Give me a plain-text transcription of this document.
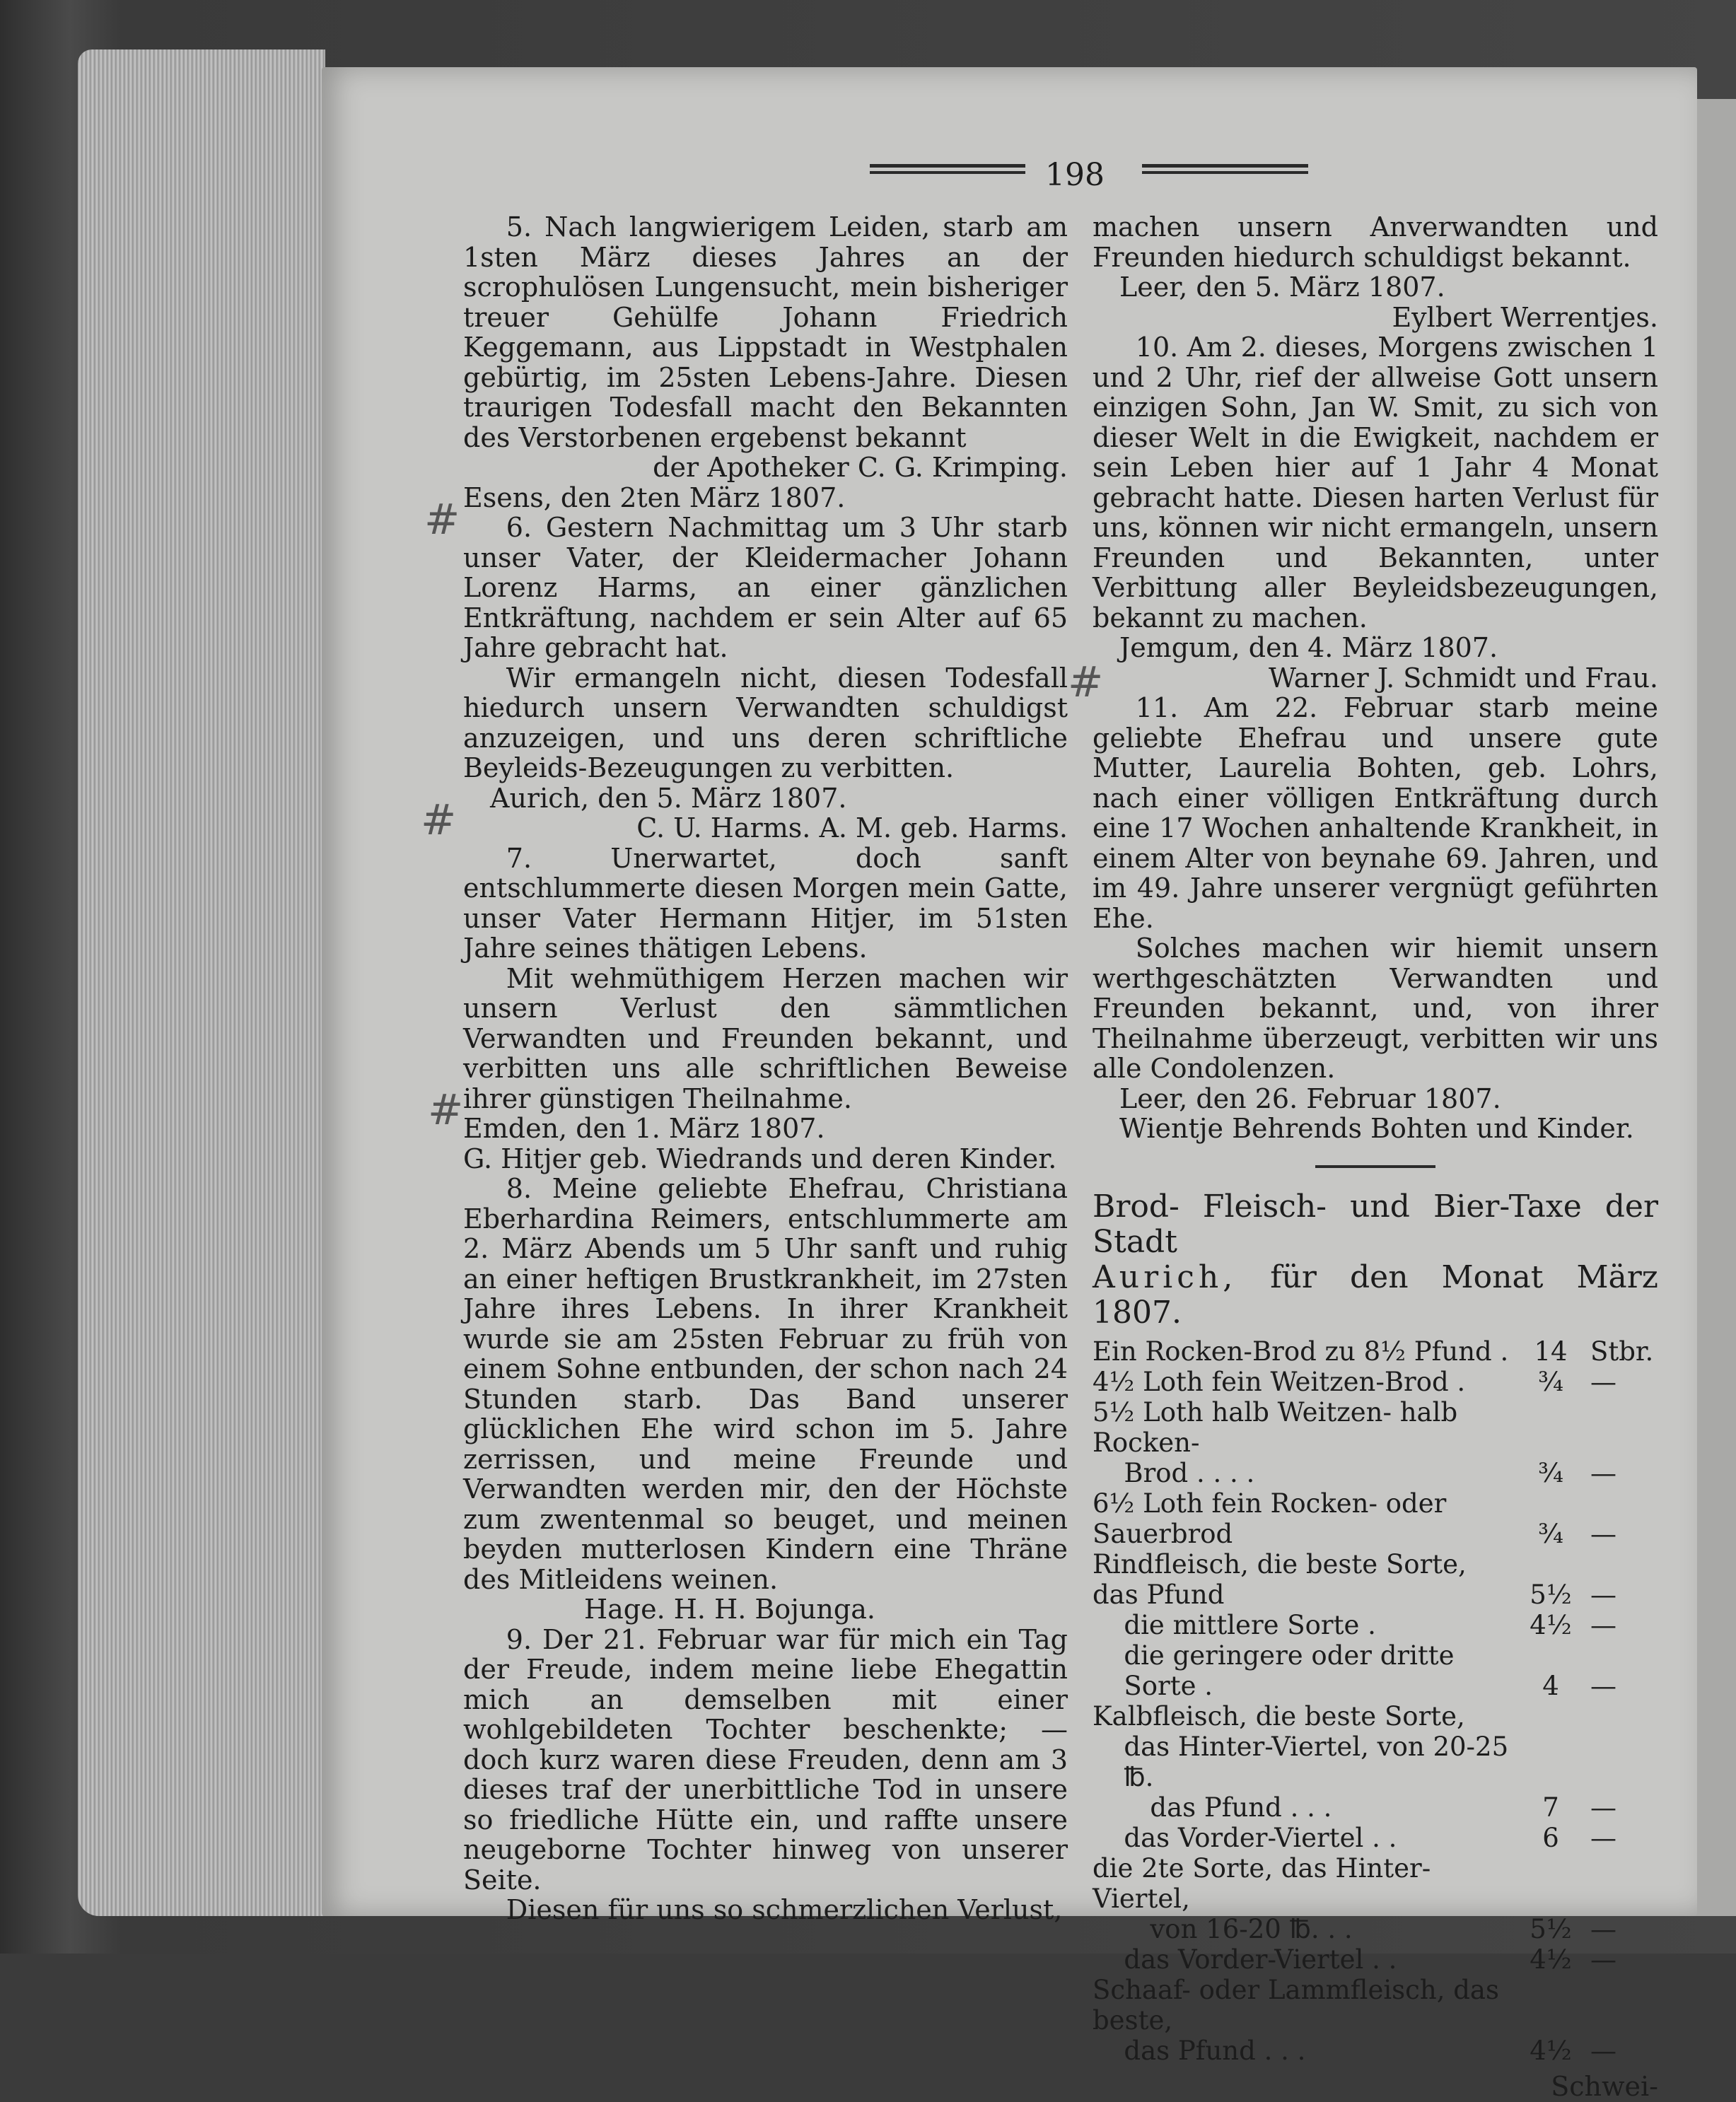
198
#
#
#
#

5. Nach langwierigem Leiden, starb am 1sten März dieses Jahres an der scrophulösen Lungensucht, mein bisheriger treuer Gehülfe Johann Friedrich Keggemann, aus Lippstadt in Westphalen gebürtig, im 25sten Lebens-Jahre. Diesen traurigen Todesfall macht den Bekannten des Verstorbenen ergebenst bekannt

der Apotheker C. G. Krimping.

Esens, den 2ten März 1807.

6. Gestern Nachmittag um 3 Uhr starb unser Vater, der Kleidermacher Johann Lorenz Harms, an einer gänzlichen Entkräftung, nachdem er sein Alter auf 65 Jahre gebracht hat.

Wir ermangeln nicht, diesen Todesfall hiedurch unsern Verwandten schuldigst anzuzeigen, und uns deren schriftliche Beyleids-Bezeugungen zu verbitten.

Aurich, den 5. März 1807.

C. U. Harms. A. M. geb. Harms.

7. Unerwartet, doch sanft entschlummerte diesen Morgen mein Gatte, unser Vater Hermann Hitjer, im 51sten Jahre seines thätigen Lebens.

Mit wehmüthigem Herzen machen wir unsern Verlust den sämmtlichen Verwandten und Freunden bekannt, und verbitten uns alle schriftlichen Beweise ihrer günstigen Theilnahme.

Emden, den 1. März 1807.

G. Hitjer geb. Wiedrands und deren Kinder.

8. Meine geliebte Ehefrau, Christiana Eberhardina Reimers, entschlummerte am 2. März Abends um 5 Uhr sanft und ruhig an einer heftigen Brustkrankheit, im 27sten Jahre ihres Lebens. In ihrer Krankheit wurde sie am 25sten Februar zu früh von einem Sohne entbunden, der schon nach 24 Stunden starb. Das Band unserer glücklichen Ehe wird schon im 5. Jahre zerrissen, und meine Freunde und Verwandten werden mir, den der Höchste zum zwentenmal so beuget, und meinen beyden mutterlosen Kindern eine Thräne des Mitleidens weinen.

Hage. H. H. Bojunga.

9. Der 21. Februar war für mich ein Tag der Freude, indem meine liebe Ehegattin mich an demselben mit einer wohlgebildeten Tochter beschenkte; — doch kurz waren diese Freuden, denn am 3 dieses traf der unerbittliche Tod in unsere so friedliche Hütte ein, und raffte unsere neugeborne Tochter hinweg von unserer Seite.

Diesen für uns so schmerzlichen Verlust,

machen unsern Anverwandten und Freunden hiedurch schuldigst bekannt.

Leer, den 5. März 1807.

Eylbert Werrentjes.

10. Am 2. dieses, Morgens zwischen 1 und 2 Uhr, rief der allweise Gott unsern einzigen Sohn, Jan W. Smit, zu sich von dieser Welt in die Ewigkeit, nachdem er sein Leben hier auf 1 Jahr 4 Monat gebracht hatte. Diesen harten Verlust für uns, können wir nicht ermangeln, unsern Freunden und Bekannten, unter Verbittung aller Beyleidsbezeugungen, bekannt zu machen.

Jemgum, den 4. März 1807.

Warner J. Schmidt und Frau.

11. Am 22. Februar starb meine geliebte Ehefrau und unsere gute Mutter, Laurelia Bohten, geb. Lohrs, nach einer völligen Entkräftung durch eine 17 Wochen anhaltende Krankheit, in einem Alter von beynahe 69. Jahren, und im 49. Jahre unserer vergnügt geführten Ehe.

Solches machen wir hiemit unsern werthgeschätzten Verwandten und Freunden bekannt, und, von ihrer Theilnahme überzeugt, verbitten wir uns alle Condolenzen.

Leer, den 26. Februar 1807.

Wientje Behrends Bohten und Kinder.

Brod- Fleisch- und Bier-Taxe der Stadt

Aurich, für den Monat März 1807.

Ein Rocken-Brod zu 8½ Pfund .	14	Stbr.
4½ Loth fein Weitzen-Brod .	¾	—
5½ Loth halb Weitzen- halb Rocken-		
Brod . . . .	¾	—
6½ Loth fein Rocken- oder Sauerbrod	¾	—
Rindfleisch, die beste Sorte, das Pfund	5½	—
die mittlere Sorte .	4½	—
die geringere oder dritte Sorte .	4	—
Kalbfleisch, die beste Sorte,		
das Hinter-Viertel, von 20-25 ℔.		
das Pfund . . .	7	—
das Vorder-Viertel . .	6	—
die 2te Sorte, das Hinter-Viertel,		
von 16-20 ℔. . .	5½	—
das Vorder-Viertel . .	4½	—
Schaaf- oder Lammfleisch, das beste,		
das Pfund . . .	4½	—
Schwei-
